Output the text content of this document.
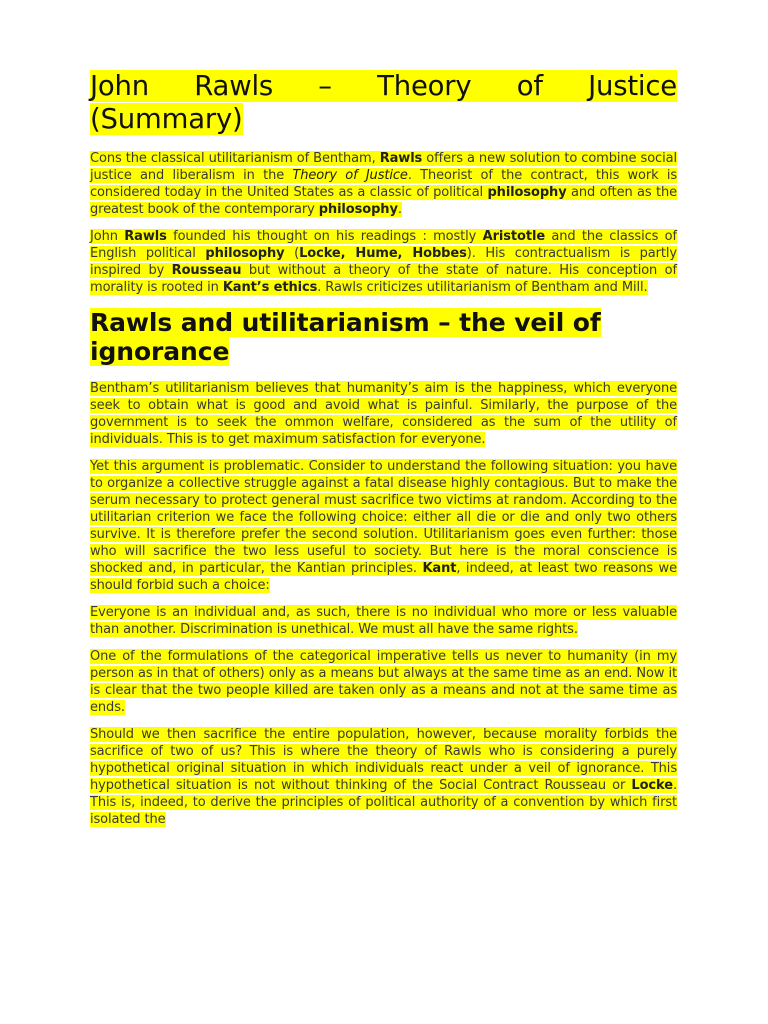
John Rawls – Theory of Justice
(Summary)

Cons the classical utilitarianism of Bentham, Rawls offers a new solution to combine social justice and liberalism in the Theory of Justice. Theorist of the contract, this work is considered today in the United States as a classic of political philosophy and often as the greatest book of the contemporary philosophy.

John Rawls founded his thought on his readings : mostly Aristotle and the classics of English political philosophy (Locke, Hume, Hobbes). His contractualism is partly inspired by Rousseau but without a theory of the state of nature. His conception of morality is rooted in Kant’s ethics. Rawls criticizes utilitarianism of Bentham and Mill.

Rawls and utilitarianism – the veil of ignorance

Bentham’s utilitarianism believes that humanity’s aim is the happiness, which everyone seek to obtain what is good and avoid what is painful. Similarly, the purpose of the government is to seek the ommon welfare, considered as the sum of the utility of individuals. This is to get maximum satisfaction for everyone.

Yet this argument is problematic. Consider to understand the following situation: you have to organize a collective struggle against a fatal disease highly contagious. But to make the serum necessary to protect general must sacrifice two victims at random. According to the utilitarian criterion we face the following choice: either all die or die and only two others survive. It is therefore prefer the second solution. Utilitarianism goes even further: those who will sacrifice the two less useful to society. But here is the moral conscience is shocked and, in particular, the Kantian principles. Kant, indeed, at least two reasons we should forbid such a choice:

Everyone is an individual and, as such, there is no individual who more or less valuable than another. Discrimination is unethical. We must all have the same rights.

One of the formulations of the categorical imperative tells us never to humanity (in my person as in that of others) only as a means but always at the same time as an end. Now it is clear that the two people killed are taken only as a means and not at the same time as ends.

Should we then sacrifice the entire population, however, because morality forbids the sacrifice of two of us? This is where the theory of Rawls who is considering a purely hypothetical original situation in which individuals react under a veil of ignorance. This hypothetical situation is not without thinking of the Social Contract Rousseau or Locke. This is, indeed, to derive the principles of political authority of a convention by which first isolated the
